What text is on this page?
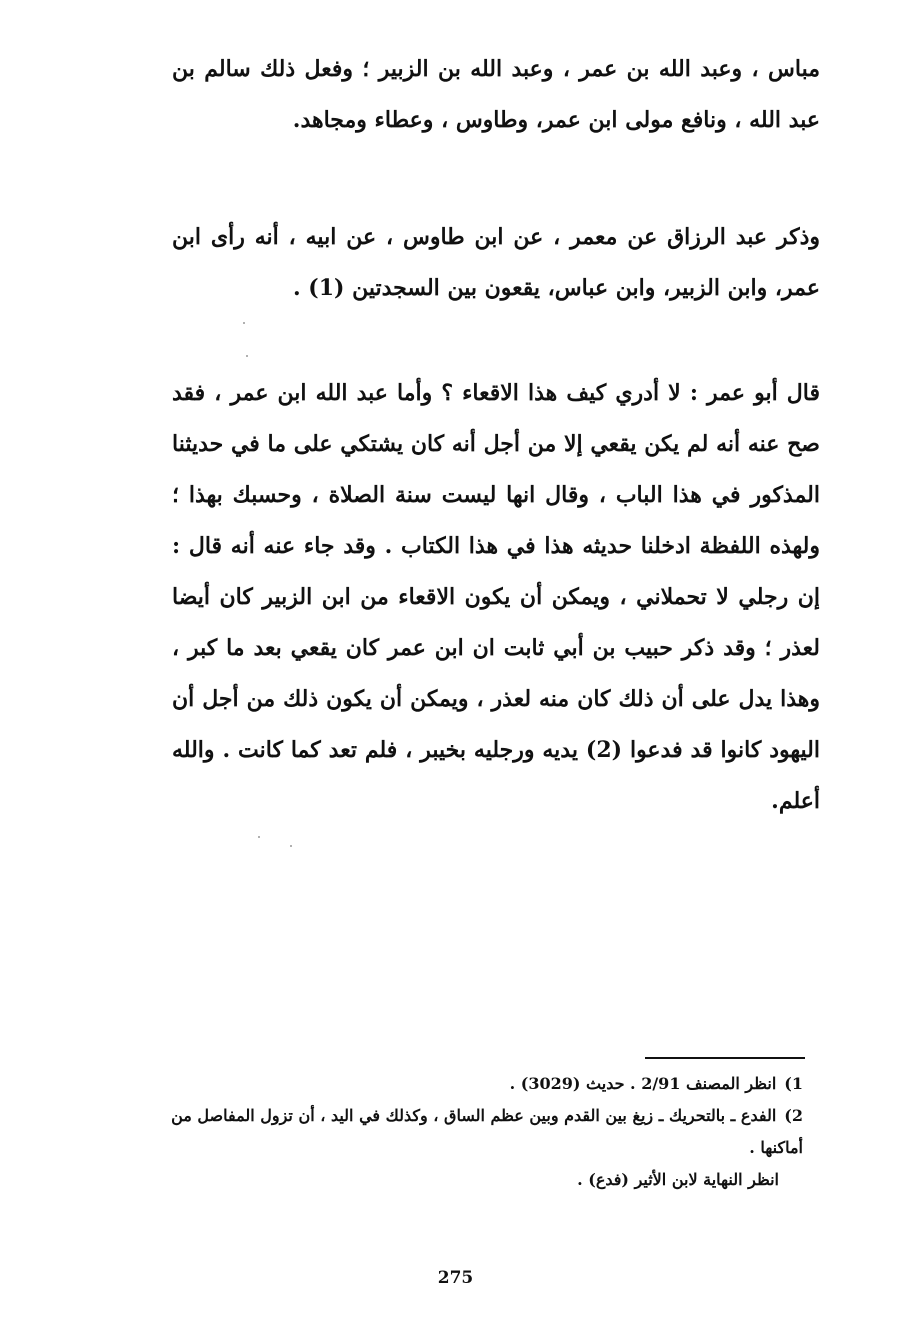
مباس ، وعبد الله بن عمر ، وعبد الله بن الزبير ؛ وفعل ذلك سالم بن عبد الله ، ونافع مولى ابن عمر، وطاوس ، وعطاء ومجاهد.

وذكر عبد الرزاق عن معمر ، عن ابن طاوس ، عن ابيه ، أنه رأى ابن عمر، وابن الزبير، وابن عباس، يقعون بين السجدتين (1) .

قال أبو عمر : لا أدري كيف هذا الاقعاء ؟ وأما عبد الله ابن عمر ، فقد صح عنه أنه لم يكن يقعي إلا من أجل أنه كان يشتكي على ما في حديثنا المذكور في هذا الباب ، وقال انها ليست سنة الصلاة ، وحسبك بهذا ؛ ولهذه اللفظة ادخلنا حديثه هذا في هذا الكتاب . وقد جاء عنه أنه قال : إن رجلي لا تحملاني ، ويمكن أن يكون الاقعاء من ابن الزبير كان أيضا لعذر ؛ وقد ذكر حبيب بن أبي ثابت ان ابن عمر كان يقعي بعد ما كبر ، وهذا يدل على أن ذلك كان منه لعذر ، ويمكن أن يكون ذلك من أجل أن اليهود كانوا قد فدعوا (2) يديه ورجليه بخيبر ، فلم تعد كما كانت . والله أعلم.

1)انظر المصنف 2/91 . حديث (3029) .

2)الفدع ـ بالتحريك ـ زيغ بين القدم وبين عظم الساق ، وكذلك في اليد ، أن تزول المفاصل من أماكنها .

انظر النهاية لابن الأثير (فدع) .

275
